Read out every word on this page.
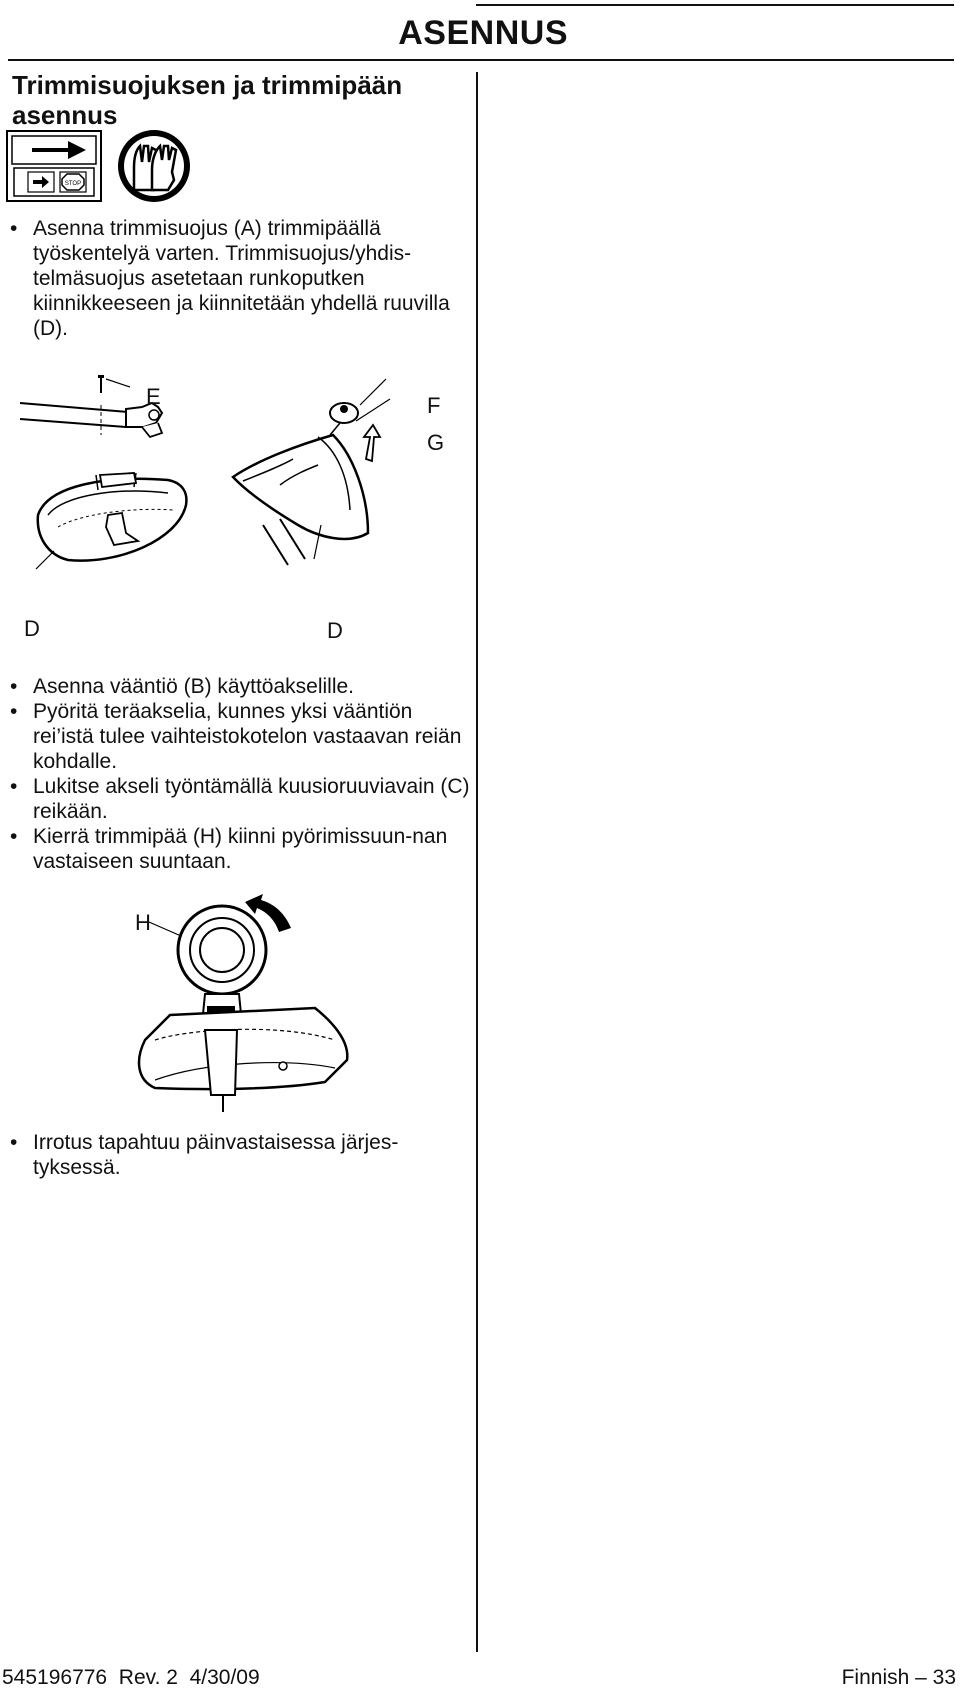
ASENNUS
Trimmisuojuksen ja trimmipään asennus
STOP
• Asenna trimmisuojus (A) trimmipäällä työskentelyä varten. Trimmisuojus/yhdis-telmäsuojus asetetaan runkoputken kiinnikkeeseen ja kiinnitetään yhdellä ruuvilla (D).
E	F
G
D	D
• Asenna vääntiö (B) käyttöakselille.
• Pyöritä teräakselia, kunnes yksi vääntiön rei’istä tulee vaihteistokotelon vastaavan reiän kohdalle.
• Lukitse akseli työntämällä kuusioruuviavain (C) reikään.
• Kierrä trimmipää (H) kiinni pyörimissuun-nan vastaiseen suuntaan.
H
• Irrotus tapahtuu päinvastaisessa järjes-tyksessä.
545196776  Rev. 2  4/30/09	Finnish – 33
